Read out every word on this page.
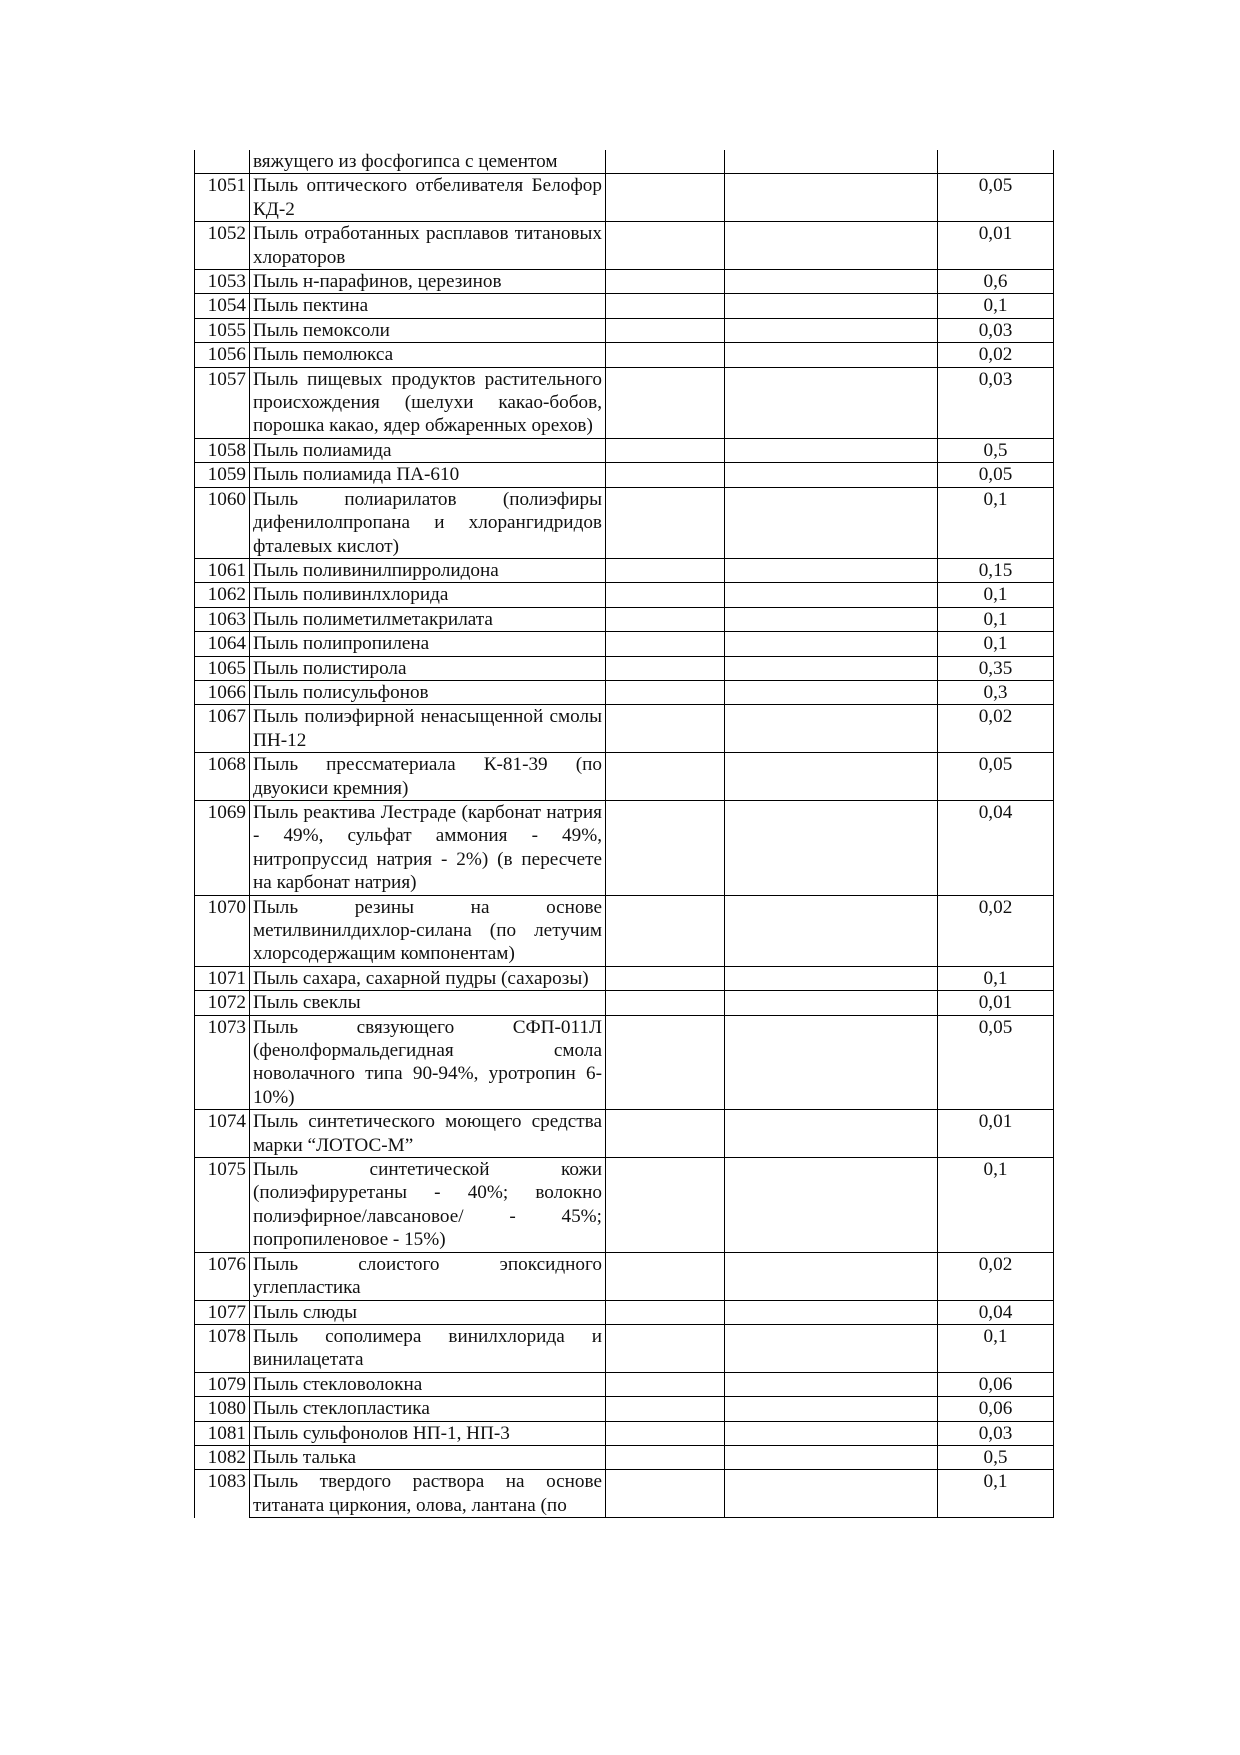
	вяжущего из фосфогипса с цементом			
1051	Пыль оптического отбеливателя Белофор КД-2			0,05
1052	Пыль отработанных расплавов титановых хлораторов			0,01
1053	Пыль н-парафинов, церезинов			0,6
1054	Пыль пектина			0,1
1055	Пыль пемоксоли			0,03
1056	Пыль пемолюкса			0,02
1057	Пыль пищевых продуктов растительного происхождения (шелухи какао-бобов, порошка какао, ядер обжаренных орехов)			0,03
1058	Пыль полиамида			0,5
1059	Пыль полиамида ПА-610			0,05
1060	Пыль полиарилатов (полиэфиры дифенилолпропана и хлорангидридов фталевых кислот)			0,1
1061	Пыль поливинилпирролидона			0,15
1062	Пыль поливинлхлорида			0,1
1063	Пыль полиметилметакрилата			0,1
1064	Пыль полипропилена			0,1
1065	Пыль полистирола			0,35
1066	Пыль полисульфонов			0,3
1067	Пыль полиэфирной ненасыщенной смолы ПН-12			0,02
1068	Пыль прессматериала К-81-39 (по двуокиси кремния)			0,05
1069	Пыль реактива Лестраде (карбонат натрия - 49%, сульфат аммония - 49%, нитропруссид натрия - 2%) (в пересчете на карбонат натрия)			0,04
1070	Пыль резины на основе метилвинилдихлор-силана (по летучим хлорсодержащим компонентам)			0,02
1071	Пыль сахара, сахарной пудры (сахарозы)			0,1
1072	Пыль свеклы			0,01
1073	Пыль связующего СФП-011Л (фенолформальдегидная смола новолачного типа 90-94%, уротропин 6-10%)			0,05
1074	Пыль синтетического моющего средства марки “ЛОТОС-М”			0,01
1075	Пыль синтетической кожи (полиэфируретаны - 40%; волокно полиэфирное/лавсановое/ - 45%; попропиленовое - 15%)			0,1
1076	Пыль слоистого эпоксидного углепластика			0,02
1077	Пыль слюды			0,04
1078	Пыль сополимера винилхлорида и винилацетата			0,1
1079	Пыль стекловолокна			0,06
1080	Пыль стеклопластика			0,06
1081	Пыль сульфонолов НП-1, НП-3			0,03
1082	Пыль талька			0,5
1083	Пыль твердого раствора на основе титаната циркония, олова, лантана (по			0,1
